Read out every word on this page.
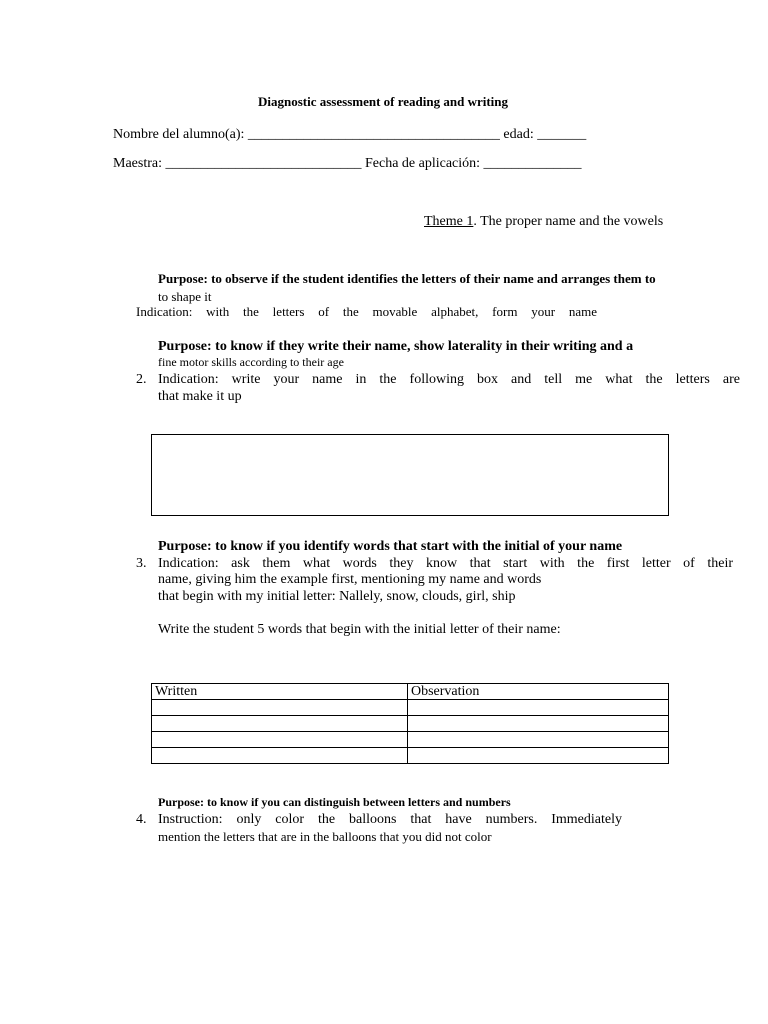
Diagnostic assessment of reading and writing
Nombre del alumno(a): ____________________________________ edad: _______
Maestra: ____________________________ Fecha de aplicación: ______________
Theme 1. The proper name and the vowels
Purpose: to observe if the student identifies the letters of their name and arranges them to
to shape it
Indication: with the letters of the movable alphabet, form your name
Purpose: to know if they write their name, show laterality in their writing and a
fine motor skills according to their age
2. Indication: write your name in the following box and tell me what the letters are
that make it up
Purpose: to know if you identify words that start with the initial of your name
3. Indication: ask them what words they know that start with the first letter of their
name, giving him the example first, mentioning my name and words
that begin with my initial letter: Nallely, snow, clouds, girl, ship
Write the student 5 words that begin with the initial letter of their name:
Written	Observation

Purpose: to know if you can distinguish between letters and numbers
4. Instruction: only color the balloons that have numbers. Immediately
mention the letters that are in the balloons that you did not color
